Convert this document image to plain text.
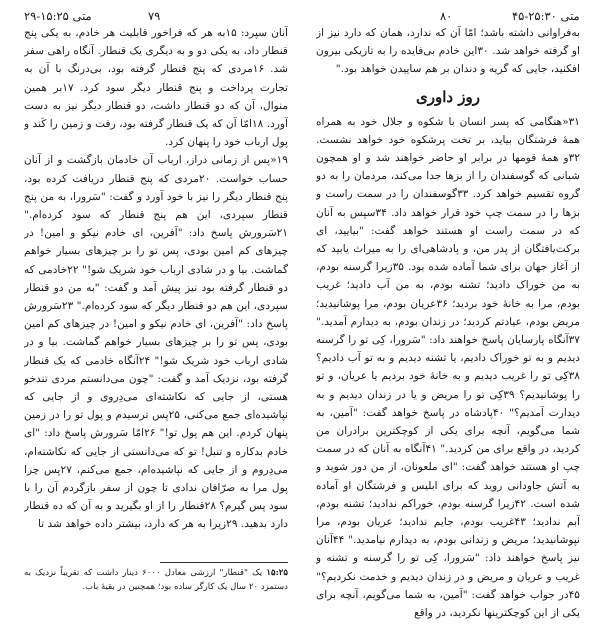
متی ۱۵:۲۵-۲۹	۷۹	۸۰	متی ۲۵:۳۰-۴۵

آنان سپرد: ۱۵به هر که فراخور قابلیت هر خادم، به یکی پنج قنطار داد، به یکی دو و به دیگری یک قنطار. آنگاه راهی سفر شد. ۱۶مردی که پنج قنطار گرفته بود، بی‌درنگ با آن به تجارت پرداخت و پنج قنطار دیگر سود کرد. ۱۷بر همین منوال، آن که دو قنطار داشت، دو قنطار دیگر نیز به دست آورد. ۱۸امّا آن که یک قنطار گرفته بود، رفت و زمین را کَند و پول ارباب خود را پنهان کرد.

۱۹«پس از زمانی دراز، ارباب آن خادمان بازگشت و از آنان حساب خواست. ۲۰مردی که پنج قنطار دریافت کرده بود، پنج قنطار دیگر را نیز با خود آورد و گفت: "سَرورا، به من پنج قنطار سپردی، این هم پنج قنطار که سود کرده‌ام." ۲۱سَرورش پاسخ داد: "آفرین، ای خادم نیکو و امین! در چیزهای کم امین بودی، پس تو را بر چیزهای بسیار خواهم گماشت. بیا و در شادی ارباب خود شریک شو!" ۲۲خادمی که دو قنطار گرفته بود نیز پیش آمد و گفت: "به من دو قنطار سپردی، این هم دو قنطار دیگر که سود کرده‌ام." ۲۳سَرورش پاسخ داد: "آفرین، ای خادم نیکو و امین! در چیزهای کم امین بودی، پس تو را بر چیزهای بسیار خواهم گماشت. بیا و در شادی ارباب خود شریک شو!" ۲۴آنگاه خادمی که یک قنطار گرفته بود، نزدیک آمد و گفت: "چون می‌دانستم مردی تندخو هستی، از جایی که نکاشته‌ای می‌دِروی و از جایی که نپاشیده‌ای جمع می‌کنی، ۲۵پس ترسیدم و پول تو را در زمین پنهان کردم. این هم پول تو!" ۲۶امّا سَرورش پاسخ داد: "ای خادم بدکاره و تنبل! تو که می‌دانستی از جایی که نکاشته‌ام، می‌دِروم و از جایی که نپاشیده‌ام، جمع می‌کنم، ۲۷پس چرا پول مرا به صرّافان ندادی تا چون از سفر بازگردم آن را با سود پس گیرم؟ ۲۸قنطار را از او بگیرید و به آن که ده قنطار دارد بدهید. ۲۹زیرا به هر که دارد، بیشتر داده خواهد شد تا

به‌فراوانی داشته باشد؛ امّا آن که ندارد، همان که دارد نیز از او گرفته خواهد شد. ۳۰این خادم بی‌فایده را به تاریکی بیرون افکنید، جایی که گریه و دندان بر هم ساییدن خواهد بود."

روز داوری

۳۱«هنگامی که پسر انسان با شکوه و جلال خود به همراه همهٔ فرشتگان بیاید، بر تخت پرشکوه خود خواهد نشست. ۳۲و همهٔ قومها در برابر او حاضر خواهند شد و او همچون شبانی که گوسفندان را از بزها جدا می‌کند، مردمان را به دو گروه تقسیم خواهد کرد. ۳۳گوسفندان را در سمت راست و بزها را در سمت چپ خود قرار خواهد داد. ۳۴سپس به آنان که در سمت راست او هستند خواهد گفت: "بیایید، ای برکت‌یافتگان از پدر من، و پادشاهی‌ای را به میراث یابید که از آغاز جهان برای شما آماده شده بود. ۳۵زیرا گرسنه بودم، به من خوراک دادید؛ تشنه بودم، به من آب دادید؛ غریب بودم، مرا به خانهٔ خود بردید؛ ۳۶عریان بودم، مرا پوشانیدید؛ مریض بودم، عیادتم کردید؛ در زندان بودم، به دیدارم آمدید." ۳۷آنگاه پارسایان پاسخ خواهند داد: "سَرورا، کِی تو را گرسنه دیدیم و به تو خوراک دادیم، یا تشنه دیدیم و به تو آب دادیم؟ ۳۸کِی تو را غریب دیدیم و به خانهٔ خود بردیم یا عریان، و تو را پوشانیدیم؟ ۳۹کِی تو را مریض و یا در زندان دیدیم و به دیدارت آمدیم؟" ۴۰پادشاه در پاسخ خواهد گفت: "آمین، به شما می‌گویم، آنچه برای یکی از کوچکترین برادران من کردید، در واقع برای من کردید." ۴۱آنگاه به آنان که در سمت چپ او هستند خواهد گفت: "ای ملعونان، از من دور شوید و به آتش جاودانی روید که برای ابلیس و فرشتگان او آماده شده است. ۴۲زیرا گرسنه بودم، خوراکم ندادید؛ تشنه بودم، آبم ندادید؛ ۴۳غریب بودم، جایم ندادید؛ عریان بودم، مرا نپوشانیدید؛ مریض و زندانی بودم، به دیدارم نیامدید." ۴۴آنان نیز پاسخ خواهند داد: "سَرورا، کِی تو را گرسنه و تشنه و غریب و عریان و مریض و در زندان دیدیم و خدمت نکردیم؟" ۴۵در جواب خواهد گفت: "آمین، به شما می‌گویم، آنچه برای یکی از این کوچکترینها نکردید، در واقع

۱۵:۲۵ یک "قنطار" ارزشی معادل ۶۰۰۰ دینار داشت که تقریباً نزدیک به دستمزد ۲۰ سال یک کارگر ساده بود؛ همچنین در بقیهٔ باب.
